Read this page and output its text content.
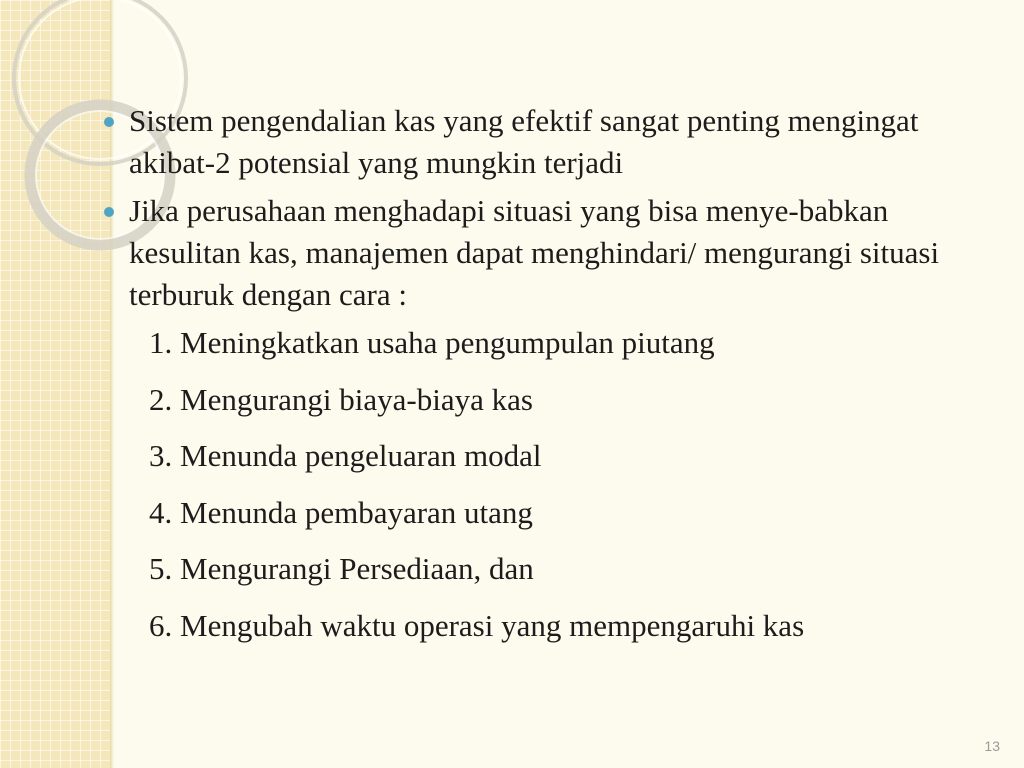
Sistem pengendalian kas yang efektif sangat penting mengingat akibat-2 potensial yang mungkin terjadi
Jika perusahaan menghadapi situasi yang bisa menye-babkan kesulitan kas, manajemen dapat menghindari/ mengurangi situasi terburuk dengan cara :
1. Meningkatkan usaha pengumpulan piutang
2. Mengurangi biaya-biaya kas
3. Menunda pengeluaran modal
4. Menunda pembayaran utang
5. Mengurangi Persediaan, dan
6. Mengubah waktu operasi yang mempengaruhi kas
13
